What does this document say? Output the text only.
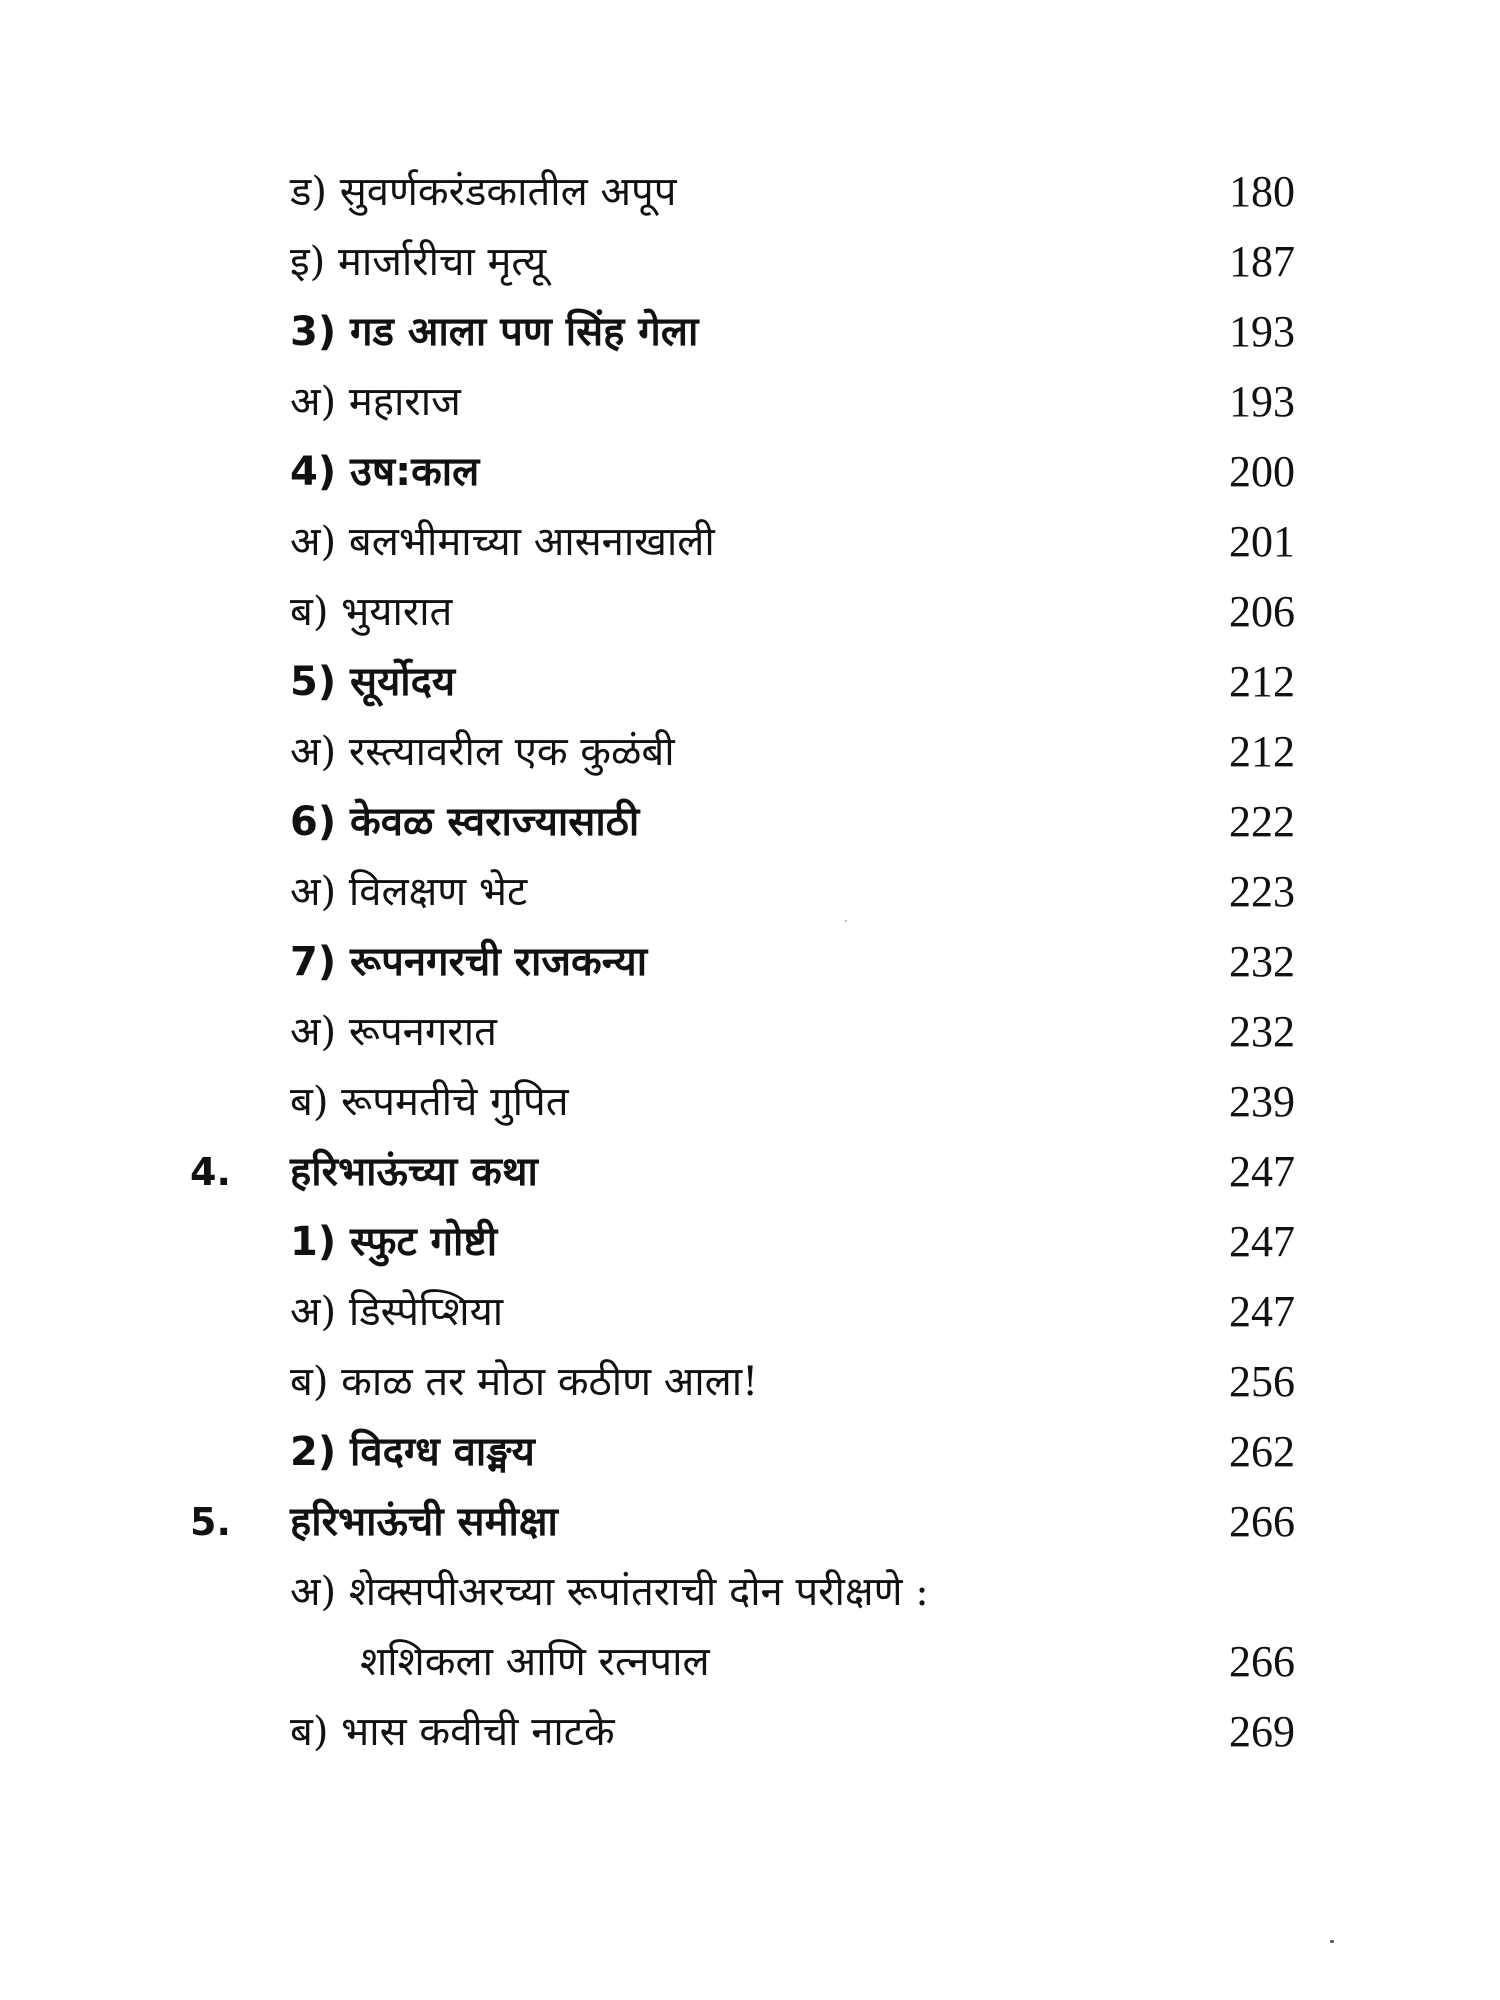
ड) सुवर्णकरंडकातील अपूप	180
इ) मार्जारीचा मृत्यू	187
3) गड आला पण सिंह गेला	193
अ) महाराज	193
4) उष:काल	200
अ) बलभीमाच्या आसनाखाली	201
ब) भुयारात	206
5) सूर्योदय	212
अ) रस्त्यावरील एक कुळंबी	212
6) केवळ स्वराज्यासाठी	222
अ) विलक्षण भेट	223
7) रूपनगरची राजकन्या	232
अ) रूपनगरात	232
ब) रूपमतीचे गुपित	239
4. हरिभाऊंच्या कथा	247
1) स्फुट गोष्टी	247
अ) डिस्पेप्शिया	247
ब) काळ तर मोठा कठीण आला!	256
2) विदग्ध वाङ्मय	262
5. हरिभाऊंची समीक्षा	266
अ) शेक्सपीअरच्या रूपांतराची दोन परीक्षणे :
शशिकला आणि रत्नपाल	266
ब) भास कवीची नाटके	269
